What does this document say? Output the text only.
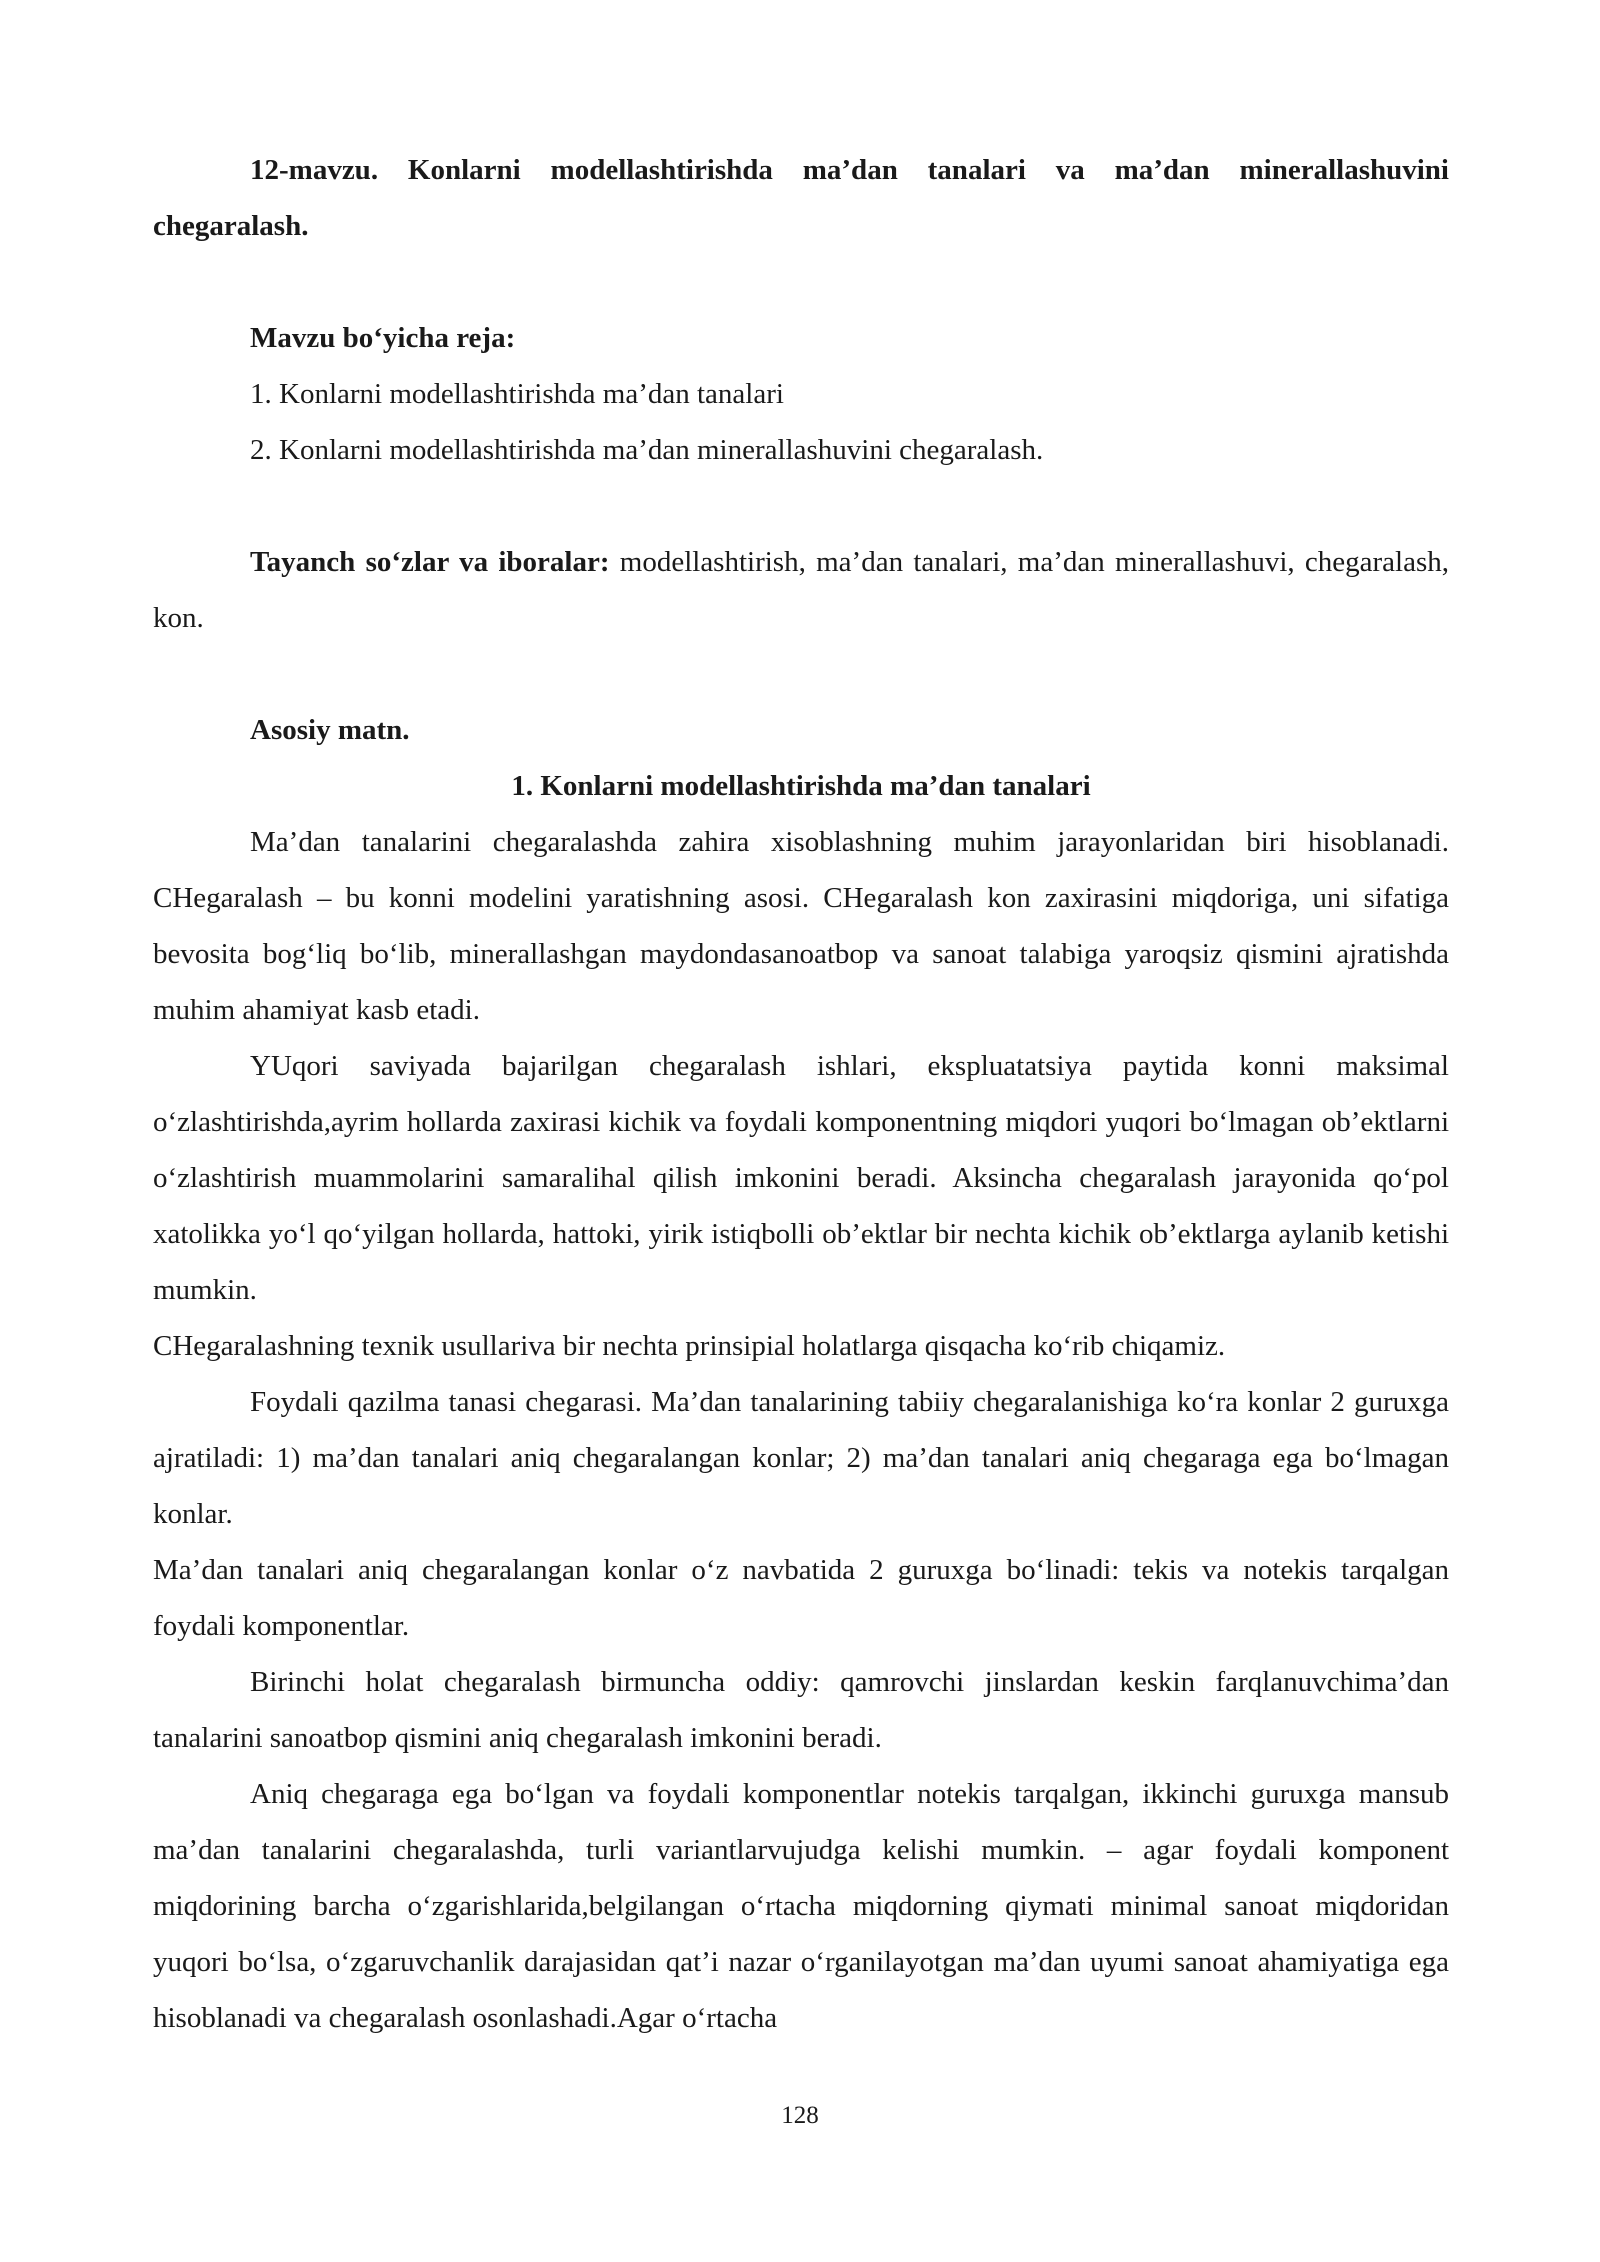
12-mavzu. Konlarni modellashtirishda ma’dan tanalari va ma’dan minerallashuvini chegaralash.

Mavzu bo‘yicha reja:

1. Konlarni modellashtirishda ma’dan tanalari

2. Konlarni modellashtirishda ma’dan minerallashuvini chegaralash.

Tayanch so‘zlar va iboralar: modellashtirish, ma’dan tanalari, ma’dan minerallashuvi, chegaralash, kon.

Asosiy matn.

1. Konlarni modellashtirishda ma’dan tanalari

Ma’dan tanalarini chegaralashda zahira xisoblashning muhim jarayonlaridan biri hisoblanadi. CHegaralash – bu konni modelini yaratishning asosi. CHegaralash kon zaxirasini miqdoriga, uni sifatiga bevosita bog‘liq bo‘lib, minerallashgan maydondasanoatbop va sanoat talabiga yaroqsiz qismini ajratishda muhim ahamiyat kasb etadi.

YUqori saviyada bajarilgan chegaralash ishlari, ekspluatatsiya paytida konni maksimal o‘zlashtirishda,ayrim hollarda zaxirasi kichik va foydali komponentning miqdori yuqori bo‘lmagan ob’ektlarni o‘zlashtirish muammolarini samaralihal qilish imkonini beradi. Aksincha chegaralash jarayonida qo‘pol xatolikka yo‘l qo‘yilgan hollarda, hattoki, yirik istiqbolli ob’ektlar bir nechta kichik ob’ektlarga aylanib ketishi mumkin.

CHegaralashning texnik usullariva bir nechta prinsipial holatlarga qisqacha ko‘rib chiqamiz.

Foydali qazilma tanasi chegarasi. Ma’dan tanalarining tabiiy chegaralanishiga ko‘ra konlar 2 guruxga ajratiladi: 1) ma’dan tanalari aniq chegaralangan konlar; 2) ma’dan tanalari aniq chegaraga ega bo‘lmagan konlar.

Ma’dan tanalari aniq chegaralangan konlar o‘z navbatida 2 guruxga bo‘linadi: tekis va notekis tarqalgan foydali komponentlar.

Birinchi holat chegaralash birmuncha oddiy: qamrovchi jinslardan keskin farqlanuvchima’dan tanalarini sanoatbop qismini aniq chegaralash imkonini beradi.

Aniq chegaraga ega bo‘lgan va foydali komponentlar notekis tarqalgan, ikkinchi guruxga mansub ma’dan tanalarini chegaralashda, turli variantlarvujudga kelishi mumkin. – agar foydali komponent miqdorining barcha o‘zgarishlarida,belgilangan o‘rtacha miqdorning qiymati minimal sanoat miqdoridan yuqori bo‘lsa, o‘zgaruvchanlik darajasidan qat’i nazar o‘rganilayotgan ma’dan uyumi sanoat ahamiyatiga ega hisoblanadi va chegaralash osonlashadi.Agar o‘rtacha

128
